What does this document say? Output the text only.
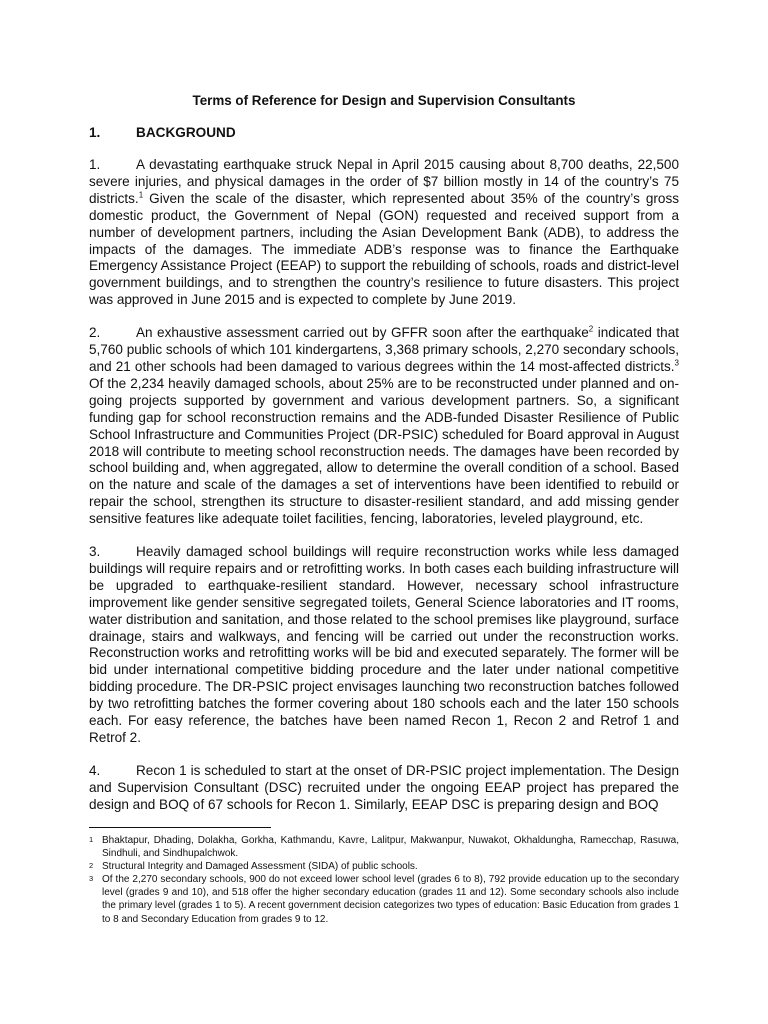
Terms of Reference for Design and Supervision Consultants
1.	BACKGROUND

1.	A devastating earthquake struck Nepal in April 2015 causing about 8,700 deaths, 22,500 severe injuries, and physical damages in the order of $7 billion mostly in 14 of the country’s 75 districts.$^1$ Given the scale of the disaster, which represented about 35% of the country’s gross domestic product, the Government of Nepal (GON) requested and received support from a number of development partners, including the Asian Development Bank (ADB), to address the impacts of the damages. The immediate ADB’s response was to finance the Earthquake Emergency Assistance Project (EEAP) to support the rebuilding of schools, roads and district-level government buildings, and to strengthen the country’s resilience to future disasters. This project was approved in June 2015 and is expected to complete by June 2019.

2.	An exhaustive assessment carried out by GFFR soon after the earthquake$^2$ indicated that 5,760 public schools of which 101 kindergartens, 3,368 primary schools, 2,270 secondary schools, and 21 other schools had been damaged to various degrees within the 14 most-affected districts.$^3$ Of the 2,234 heavily damaged schools, about 25% are to be reconstructed under planned and on-going projects supported by government and various development partners. So, a significant funding gap for school reconstruction remains and the ADB-funded Disaster Resilience of Public School Infrastructure and Communities Project (DR-PSIC) scheduled for Board approval in August 2018 will contribute to meeting school reconstruction needs. The damages have been recorded by school building and, when aggregated, allow to determine the overall condition of a school. Based on the nature and scale of the damages a set of interventions have been identified to rebuild or repair the school, strengthen its structure to disaster-resilient standard, and add missing gender sensitive features like adequate toilet facilities, fencing, laboratories, leveled playground, etc.

3.	Heavily damaged school buildings will require reconstruction works while less damaged buildings will require repairs and or retrofitting works. In both cases each building infrastructure will be upgraded to earthquake-resilient standard. However, necessary school infrastructure improvement like gender sensitive segregated toilets, General Science laboratories and IT rooms, water distribution and sanitation, and those related to the school premises like playground, surface drainage, stairs and walkways, and fencing will be carried out under the reconstruction works. Reconstruction works and retrofitting works will be bid and executed separately. The former will be bid under international competitive bidding procedure and the later under national competitive bidding procedure. The DR-PSIC project envisages launching two reconstruction batches followed by two retrofitting batches the former covering about 180 schools each and the later 150 schools each. For easy reference, the batches have been named Recon 1, Recon 2 and Retrof 1 and Retrof 2.

4.	Recon 1 is scheduled to start at the onset of DR-PSIC project implementation. The Design and Supervision Consultant (DSC) recruited under the ongoing EEAP project has prepared the design and BOQ of 67 schools for Recon 1. Similarly, EEAP DSC is preparing design and BOQ

1 Bhaktapur, Dhading, Dolakha, Gorkha, Kathmandu, Kavre, Lalitpur, Makwanpur, Nuwakot, Okhaldungha, Ramecchap, Rasuwa, Sindhuli, and Sindhupalchwok.
2 Structural Integrity and Damaged Assessment (SIDA) of public schools.
3 Of the 2,270 secondary schools, 900 do not exceed lower school level (grades 6 to 8), 792 provide education up to the secondary level (grades 9 and 10), and 518 offer the higher secondary education (grades 11 and 12). Some secondary schools also include the primary level (grades 1 to 5). A recent government decision categorizes two types of education: Basic Education from grades 1 to 8 and Secondary Education from grades 9 to 12.
